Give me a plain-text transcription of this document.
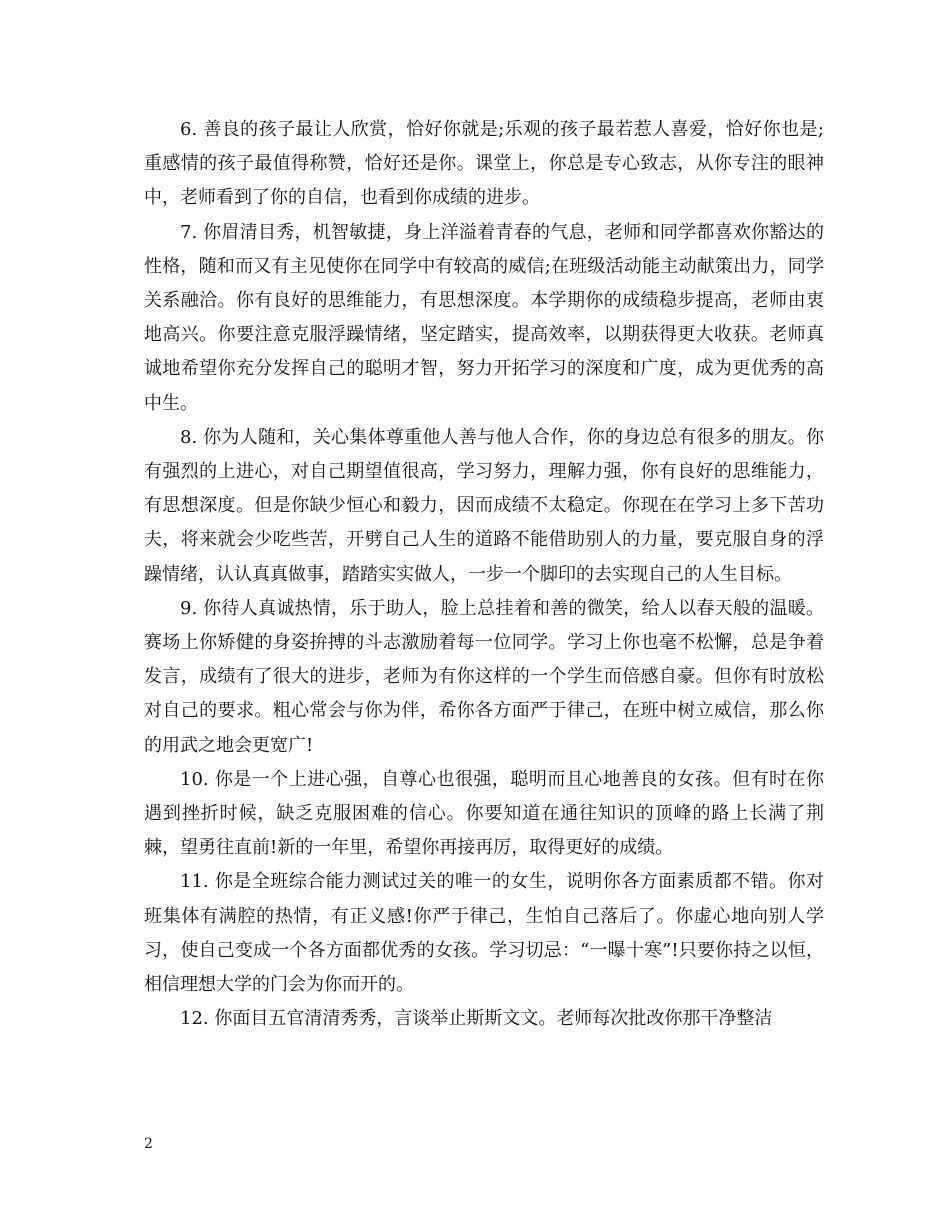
6. 善良的孩子最让人欣赏，恰好你就是;乐观的孩子最若惹人喜爱，恰好你也是;重感情的孩子最值得称赞，恰好还是你。课堂上，你总是专心致志，从你专注的眼神中，老师看到了你的自信，也看到你成绩的进步。

7. 你眉清目秀，机智敏捷，身上洋溢着青春的气息，老师和同学都喜欢你豁达的性格，随和而又有主见使你在同学中有较高的威信;在班级活动能主动献策出力，同学关系融洽。你有良好的思维能力，有思想深度。本学期你的成绩稳步提高，老师由衷地高兴。你要注意克服浮躁情绪，坚定踏实，提高效率，以期获得更大收获。老师真诚地希望你充分发挥自己的聪明才智，努力开拓学习的深度和广度，成为更优秀的高中生。

8. 你为人随和，关心集体尊重他人善与他人合作，你的身边总有很多的朋友。你有强烈的上进心，对自己期望值很高，学习努力，理解力强，你有良好的思维能力，有思想深度。但是你缺少恒心和毅力，因而成绩不太稳定。你现在在学习上多下苦功夫，将来就会少吃些苦，开劈自己人生的道路不能借助别人的力量，要克服自身的浮躁情绪，认认真真做事，踏踏实实做人，一步一个脚印的去实现自己的人生目标。

9. 你待人真诚热情，乐于助人，脸上总挂着和善的微笑，给人以春天般的温暖。赛场上你矫健的身姿拚搏的斗志激励着每一位同学。学习上你也毫不松懈，总是争着发言，成绩有了很大的进步，老师为有你这样的一个学生而倍感自豪。但你有时放松对自己的要求。粗心常会与你为伴，希你各方面严于律己，在班中树立威信，那么你的用武之地会更宽广!

10. 你是一个上进心强，自尊心也很强，聪明而且心地善良的女孩。但有时在你遇到挫折时候，缺乏克服困难的信心。你要知道在通往知识的顶峰的路上长满了荆棘，望勇往直前!新的一年里，希望你再接再厉，取得更好的成绩。

11. 你是全班综合能力测试过关的唯一的女生，说明你各方面素质都不错。你对班集体有满腔的热情，有正义感!你严于律己，生怕自己落后了。你虚心地向别人学习，使自己变成一个各方面都优秀的女孩。学习切忌：“一曝十寒”!只要你持之以恒，相信理想大学的门会为你而开的。

12. 你面目五官清清秀秀，言谈举止斯斯文文。老师每次批改你那干净整洁

2
